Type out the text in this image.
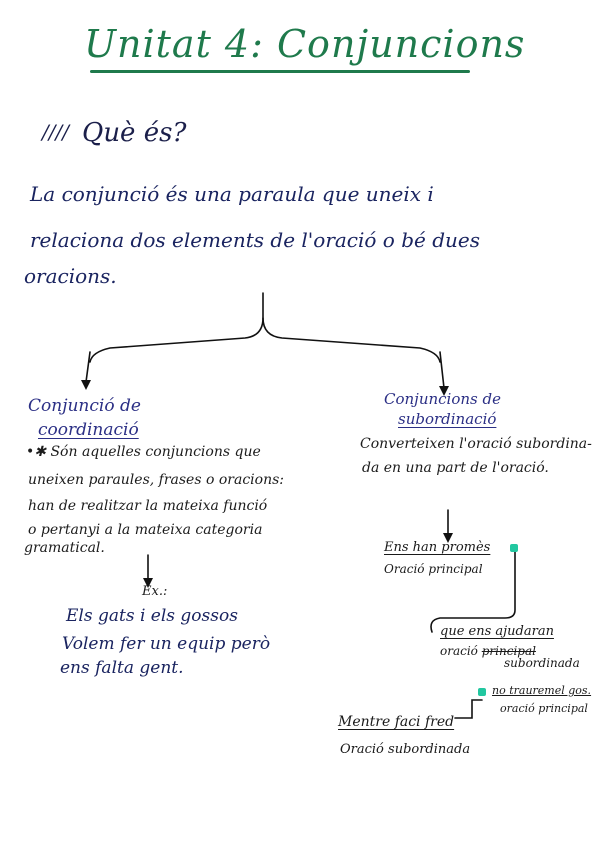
Unitat 4: Conjuncions
//// Què és?
La conjunció és una paraula que uneix i
relaciona dos elements de l'oració o bé dues
oracions.
Conjunció de
coordinació
•✱ Són aquelles conjuncions que
uneixen paraules, frases o oracions:
han de realitzar la mateixa funció
o pertanyi a la mateixa categoria
gramatical.
Ex.:
Els gats i els gossos
Volem fer un equip però
ens falta gent.
Conjuncions de
subordinació
Converteixen l'oració subordina-
da en una part de l'oració.
Ens han promès
Oració principal
que ens ajudaran
oració principal
subordinada
no trauremel gos.
oració principal
Mentre faci fred
Oració subordinada
